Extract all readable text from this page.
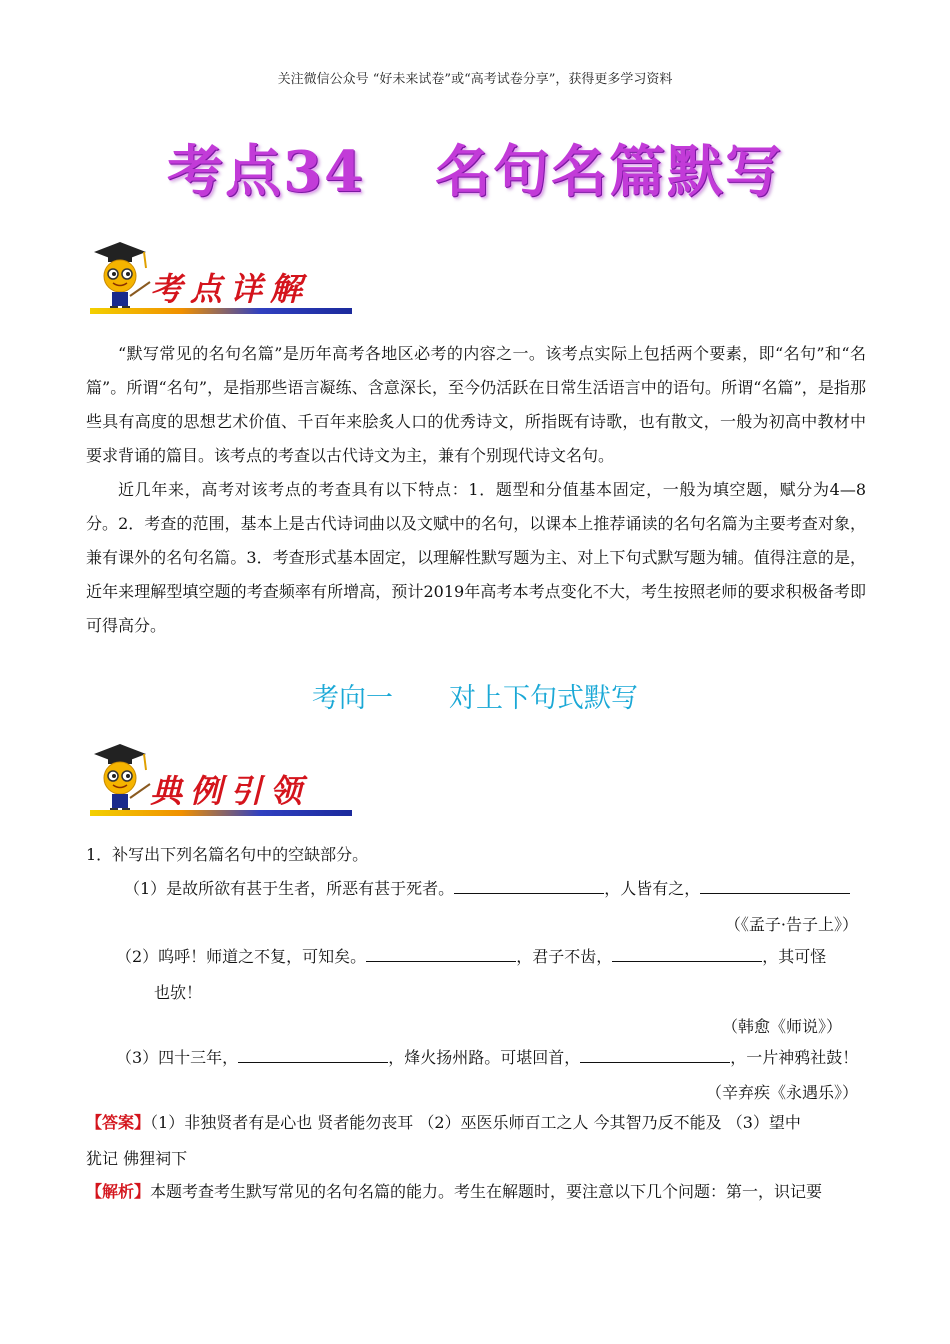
关注微信公众号 “好未来试卷”或“高考试卷分享”，获得更多学习资料
考点34 名句名篇默写
考点详解

“默写常见的名句名篇”是历年高考各地区必考的内容之一。该考点实际上包括两个要素，即“名句”和“名篇”。所谓“名句”，是指那些语言凝练、含意深长，至今仍活跃在日常生活语言中的语句。所谓“名篇”，是指那些具有高度的思想艺术价值、千百年来脍炙人口的优秀诗文，所指既有诗歌，也有散文，一般为初高中教材中要求背诵的篇目。该考点的考查以古代诗文为主，兼有个别现代诗文名句。

近几年来，高考对该考点的考查具有以下特点：1．题型和分值基本固定，一般为填空题，赋分为4—8分。2．考查的范围，基本上是古代诗词曲以及文赋中的名句，以课本上推荐诵读的名句名篇为主要考查对象，兼有课外的名句名篇。3．考查形式基本固定，以理解性默写题为主、对上下句式默写题为辅。值得注意的是，近年来理解型填空题的考查频率有所增高，预计2019年高考本考点变化不大，考生按照老师的要求积极备考即可得高分。

考向一 对上下句式默写
典例引领
1．补写出下列名篇名句中的空缺部分。
（1）是故所欲有甚于生者，所恶有甚于死者。	，人皆有之，
（《孟子·告子上》）
（2）呜呼！师道之不复，可知矣。	，君子不齿，	，其可怪
也欤！
（韩愈《师说》）
（3）四十三年，	，烽火扬州路。可堪回首，	，一片神鸦社鼓！
（辛弃疾《永遇乐》）
【答案】（1）非独贤者有是心也 贤者能勿丧耳 （2）巫医乐师百工之人 今其智乃反不能及 （3）望中
犹记 佛狸祠下
【解析】本题考查考生默写常见的名句名篇的能力。考生在解题时，要注意以下几个问题：第一，识记要
